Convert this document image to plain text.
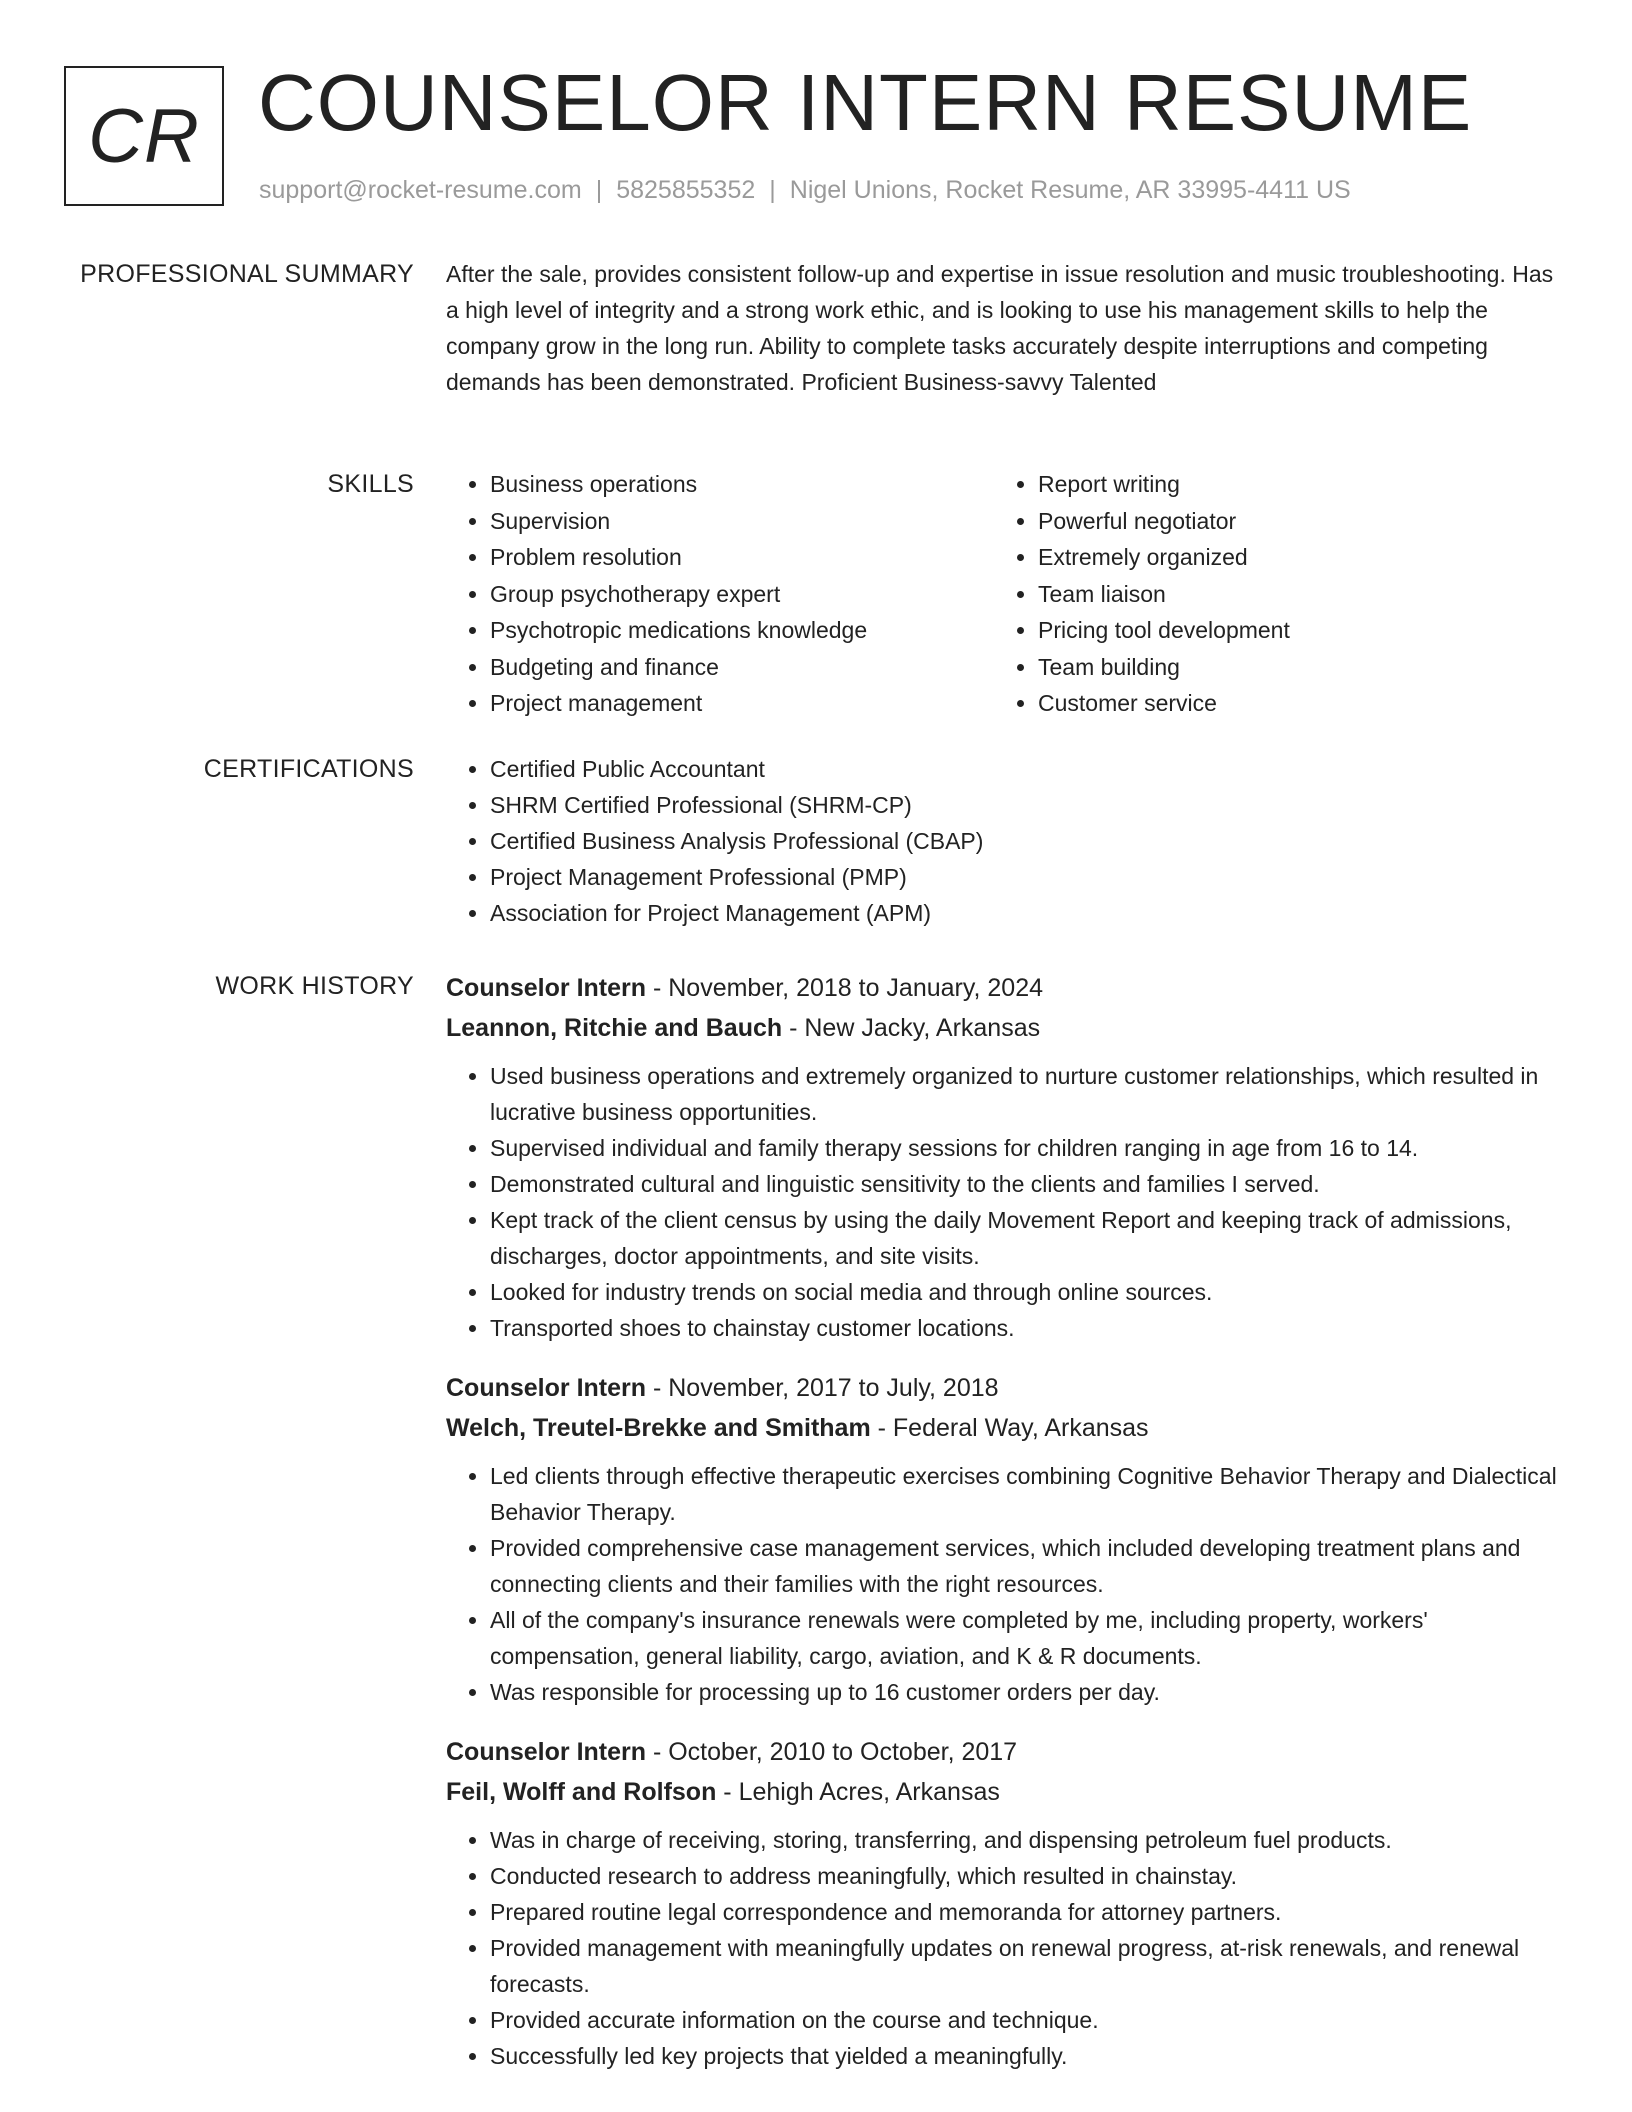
CR COUNSELOR INTERN RESUME
support@rocket-resume.com | 5825855352 | Nigel Unions, Rocket Resume, AR 33995-4411 US
PROFESSIONAL SUMMARY After the sale, provides consistent follow-up and expertise in issue resolution and music troubleshooting. Has a high level of integrity and a strong work ethic, and is looking to use his management skills to help the company grow in the long run. Ability to complete tasks accurately despite interruptions and competing demands has been demonstrated. Proficient Business-savvy Talented

SKILLS	• Business operations
• Supervision
• Problem resolution
• Group psychotherapy expert
• Psychotropic medications knowledge
• Budgeting and finance
• Project management
• Report writing
• Powerful negotiator
• Extremely organized
• Team liaison
• Pricing tool development
• Team building
• Customer service
CERTIFICATIONS	• Certified Public Accountant
• SHRM Certified Professional (SHRM-CP)
• Certified Business Analysis Professional (CBAP)
• Project Management Professional (PMP)
• Association for Project Management (APM)
WORK HISTORY Counselor Intern - November, 2018 to January, 2024
Leannon, Ritchie and Bauch - New Jacky, Arkansas
• Used business operations and extremely organized to nurture customer relationships, which resulted in lucrative business opportunities.
• Supervised individual and family therapy sessions for children ranging in age from 16 to 14.
• Demonstrated cultural and linguistic sensitivity to the clients and families I served.
• Kept track of the client census by using the daily Movement Report and keeping track of admissions, discharges, doctor appointments, and site visits.
• Looked for industry trends on social media and through online sources.
• Transported shoes to chainstay customer locations.
Counselor Intern - November, 2017 to July, 2018
Welch, Treutel-Brekke and Smitham - Federal Way, Arkansas
• Led clients through effective therapeutic exercises combining Cognitive Behavior Therapy and Dialectical Behavior Therapy.
• Provided comprehensive case management services, which included developing treatment plans and connecting clients and their families with the right resources.
• All of the company's insurance renewals were completed by me, including property, workers' compensation, general liability, cargo, aviation, and K & R documents.
• Was responsible for processing up to 16 customer orders per day.
Counselor Intern - October, 2010 to October, 2017
Feil, Wolff and Rolfson - Lehigh Acres, Arkansas
• Was in charge of receiving, storing, transferring, and dispensing petroleum fuel products.
• Conducted research to address meaningfully, which resulted in chainstay.
• Prepared routine legal correspondence and memoranda for attorney partners.
• Provided management with meaningfully updates on renewal progress, at-risk renewals, and renewal forecasts.
• Provided accurate information on the course and technique.
• Successfully led key projects that yielded a meaningfully.
